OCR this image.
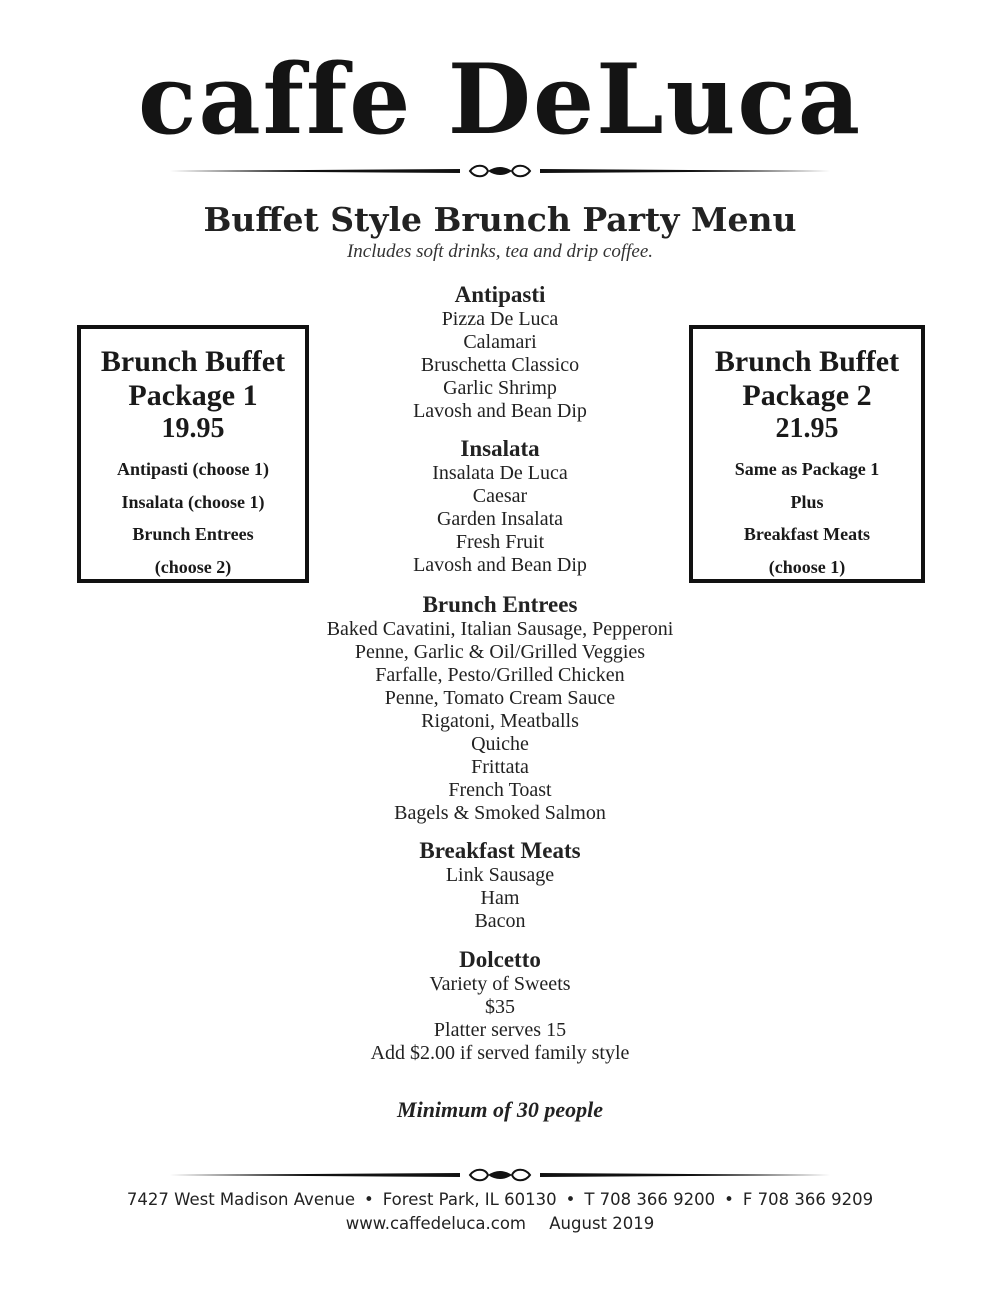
caffe DeLuca
Buffet Style Brunch Party Menu
Includes soft drinks, tea and drip coffee.
Brunch Buffet
Package 1
19.95
Antipasti (choose 1)
Insalata (choose 1)
Brunch Entrees
(choose 2)
Brunch Buffet
Package 2
21.95
Same as Package 1
Plus
Breakfast Meats
(choose 1)
Antipasti
Pizza De Luca
Calamari
Bruschetta Classico
Garlic Shrimp
Lavosh and Bean Dip
Insalata
Insalata De Luca
Caesar
Garden Insalata
Fresh Fruit
Lavosh and Bean Dip
Brunch Entrees
Baked Cavatini, Italian Sausage, Pepperoni
Penne, Garlic & Oil/Grilled Veggies
Farfalle, Pesto/Grilled Chicken
Penne, Tomato Cream Sauce
Rigatoni, Meatballs
Quiche
Frittata
French Toast
Bagels & Smoked Salmon
Breakfast Meats
Link Sausage
Ham
Bacon
Dolcetto
Variety of Sweets
$35
Platter serves 15
Add $2.00 if served family style
Minimum of 30 people
7427 West Madison Avenue • Forest Park, IL 60130 • T 708 366 9200 • F 708 366 9209
www.caffedeluca.com August 2019
